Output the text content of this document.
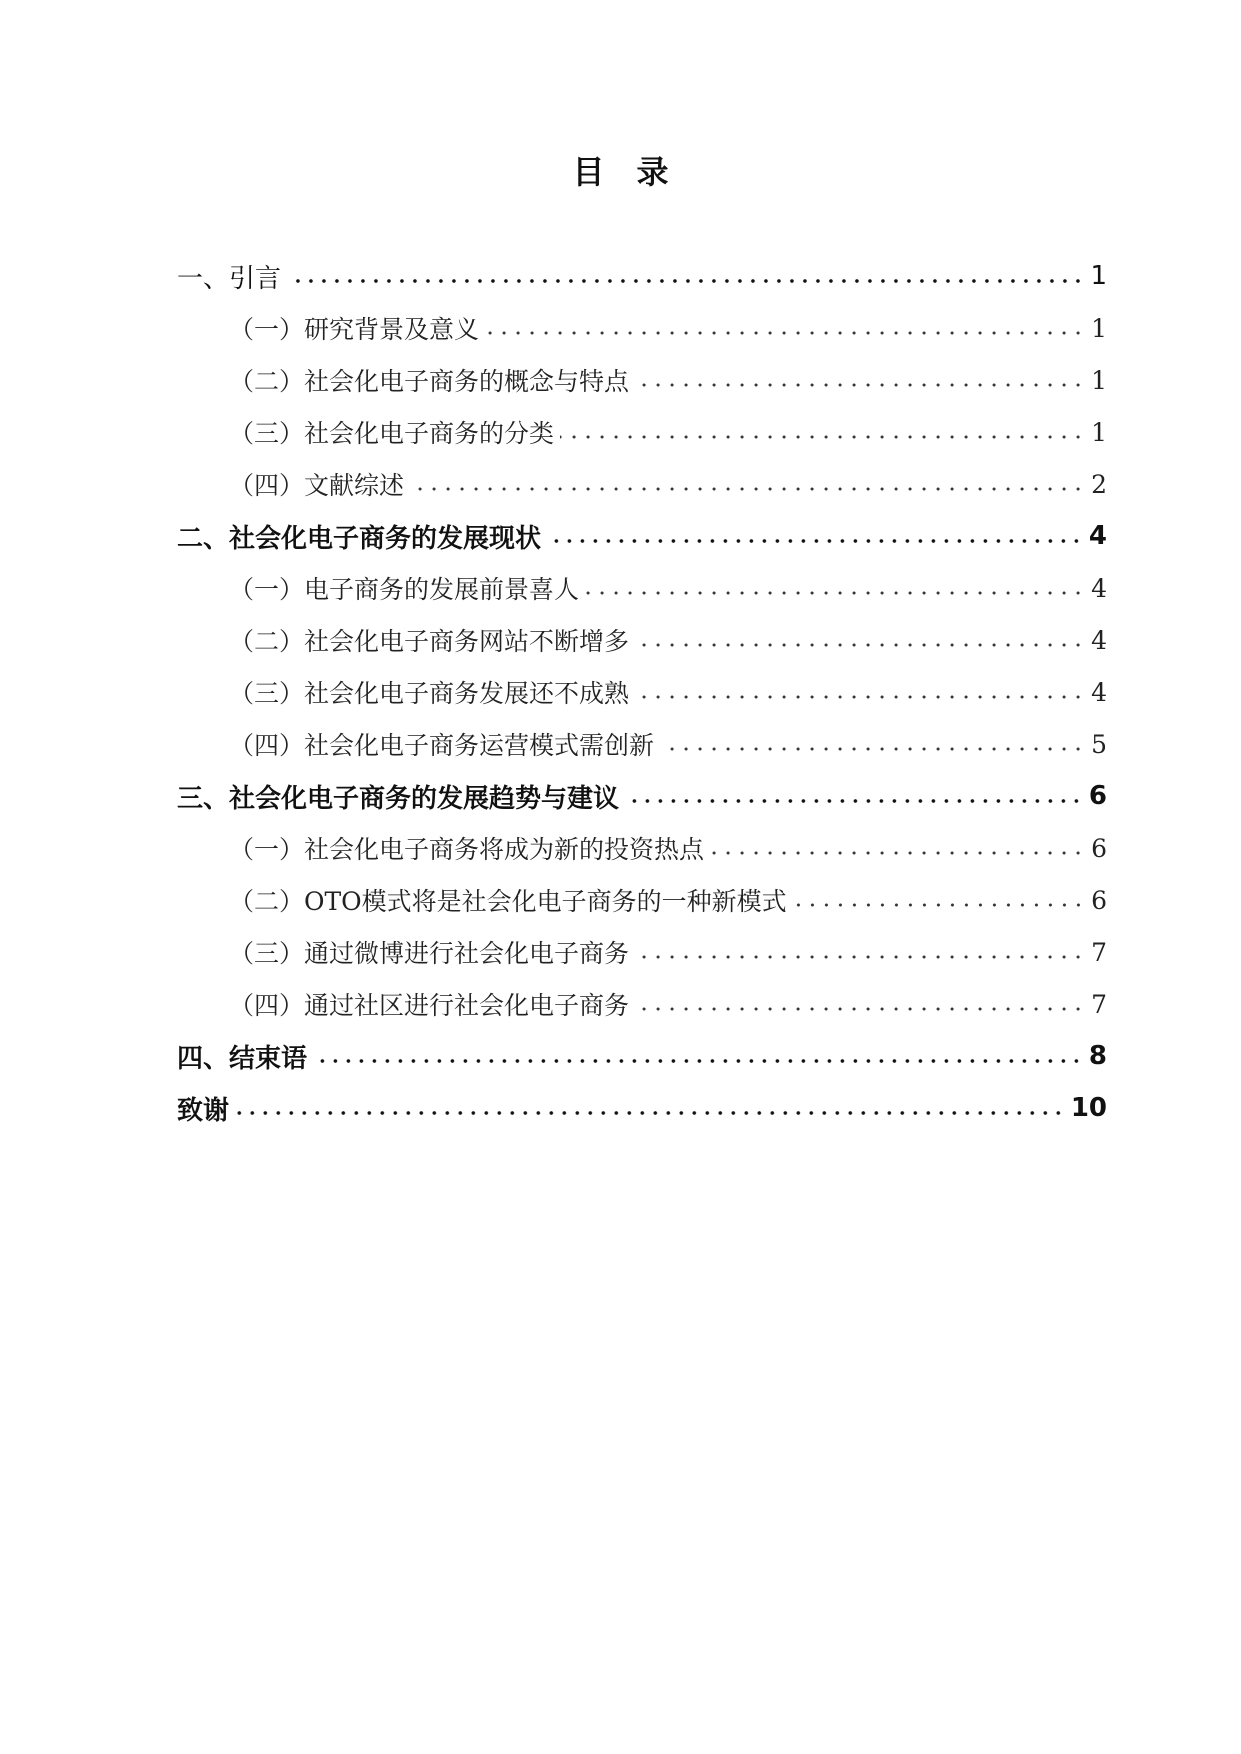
目 录
一、引言	1
（一）研究背景及意义	1
（二）社会化电子商务的概念与特点	1
（三）社会化电子商务的分类	1
（四）文献综述	2
二、社会化电子商务的发展现状	4
（一）电子商务的发展前景喜人	4
（二）社会化电子商务网站不断增多	4
（三）社会化电子商务发展还不成熟	4
（四）社会化电子商务运营模式需创新	5
三、社会化电子商务的发展趋势与建议	6
（一）社会化电子商务将成为新的投资热点	6
（二）OTO模式将是社会化电子商务的一种新模式	6
（三）通过微博进行社会化电子商务	7
（四）通过社区进行社会化电子商务	7
四、结束语	8
致谢	10
